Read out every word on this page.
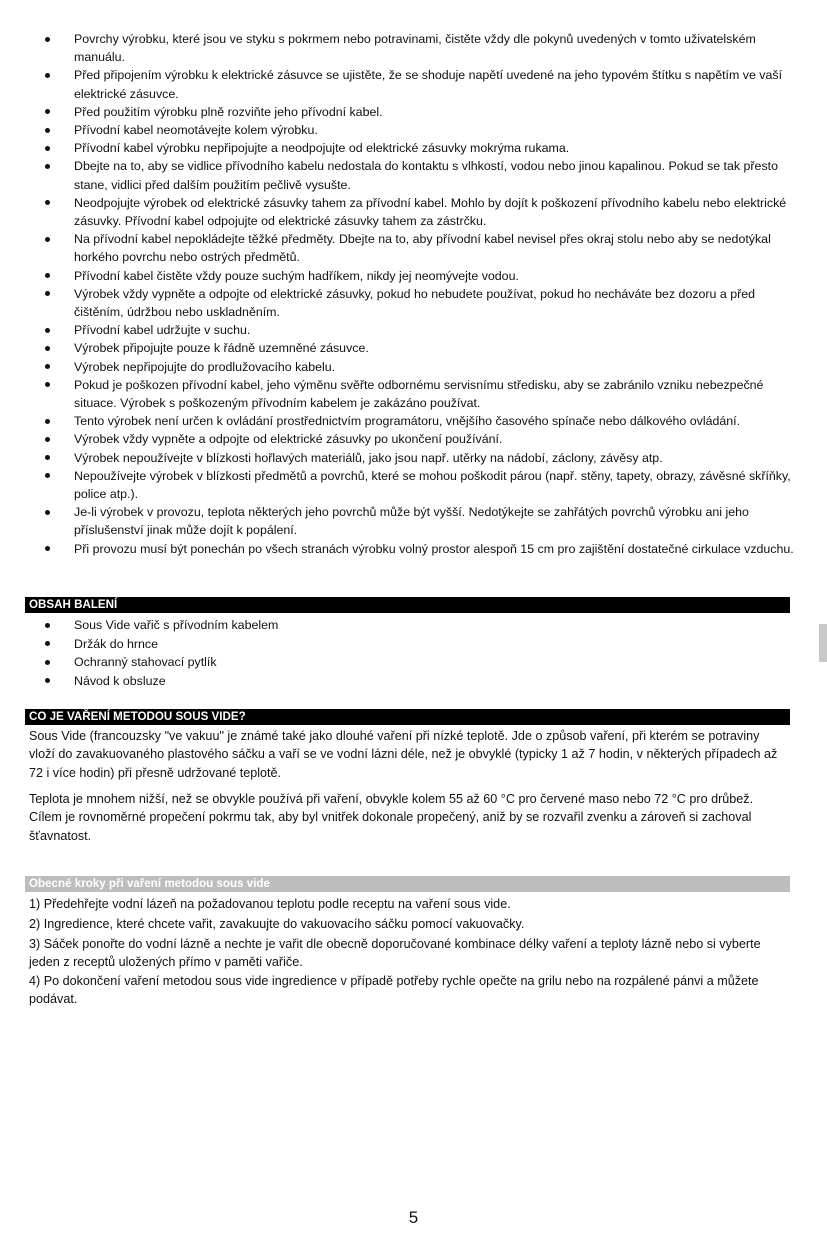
Povrchy výrobku, které jsou ve styku s pokrmem nebo potravinami, čistěte vždy dle pokynů uvedených v tomto uživatelském manuálu.
Před připojením výrobku k elektrické zásuvce se ujistěte, že se shoduje napětí uvedené na jeho typovém štítku s napětím ve vaší elektrické zásuvce.
Před použitím výrobku plně rozviňte jeho přívodní kabel.
Přívodní kabel neomotávejte kolem výrobku.
Přívodní kabel výrobku nepřipojujte a neodpojujte od elektrické zásuvky mokrýma rukama.
Dbejte na to, aby se vidlice přívodního kabelu nedostala do kontaktu s vlhkostí, vodou nebo jinou kapalinou. Pokud se tak přesto stane, vidlici před dalším použitím pečlivě vysušte.
Neodpojujte výrobek od elektrické zásuvky tahem za přívodní kabel. Mohlo by dojít k poškození přívodního kabelu nebo elektrické zásuvky. Přívodní kabel odpojujte od elektrické zásuvky tahem za zástrčku.
Na přívodní kabel nepokládejte těžké předměty. Dbejte na to, aby přívodní kabel nevisel přes okraj stolu nebo aby se nedotýkal horkého povrchu nebo ostrých předmětů.
Přívodní kabel čistěte vždy pouze suchým hadříkem, nikdy jej neomývejte vodou.
Výrobek vždy vypněte a odpojte od elektrické zásuvky, pokud ho nebudete používat, pokud ho necháváte bez dozoru a před čištěním, údržbou nebo uskladněním.
Přívodní kabel udržujte v suchu.
Výrobek připojujte pouze k řádně uzemněné zásuvce.
Výrobek nepřipojujte do prodlužovacího kabelu.
Pokud je poškozen přívodní kabel, jeho výměnu svěřte odbornému servisnímu středisku, aby se zabránilo vzniku nebezpečné situace. Výrobek s poškozeným přívodním kabelem je zakázáno používat.
Tento výrobek není určen k ovládání prostřednictvím programátoru, vnějšího časového spínače nebo dálkového ovládání.
Výrobek vždy vypněte a odpojte od elektrické zásuvky po ukončení používání.
Výrobek nepoužívejte v blízkosti hořlavých materiálů, jako jsou např. utěrky na nádobí, záclony, závěsy atp.
Nepoužívejte výrobek v blízkosti předmětů a povrchů, které se mohou poškodit párou (např. stěny, tapety, obrazy, závěsné skříňky, police atp.).
Je-li výrobek v provozu, teplota některých jeho povrchů může být vyšší. Nedotýkejte se zahřátých povrchů výrobku ani jeho příslušenství jinak může dojít k popálení.
Při provozu musí být ponechán po všech stranách výrobku volný prostor alespoň 15 cm pro zajištění dostatečné cirkulace vzduchu.
OBSAH BALENÍ
Sous Vide vařič s přívodním kabelem
Držák do hrnce
Ochranný stahovací pytlík
Návod k obsluze
CO JE VAŘENÍ METODOU SOUS VIDE?

Sous Vide (francouzsky "ve vakuu" je známé také jako dlouhé vaření při nízké teplotě. Jde o způsob vaření, při kterém se potraviny vloží do zavakuovaného plastového sáčku a vaří se ve vodní lázni déle, než je obvyklé (typicky 1 až 7 hodin, v některých případech až 72 i více hodin) při přesně udržované teplotě.

Teplota je mnohem nižší, než se obvykle používá při vaření, obvykle kolem 55 až 60 °C pro červené maso nebo 72 °C pro drůbež. Cílem je rovnoměrné propečení pokrmu tak, aby byl vnitřek dokonale propečený, aniž by se rozvařil zvenku a zároveň si zachoval šťavnatost.

Obecné kroky při vaření metodou sous vide

1) Předehřejte vodní lázeň na požadovanou teplotu podle receptu na vaření sous vide.

2) Ingredience, které chcete vařit, zavakuujte do vakuovacího sáčku pomocí vakuovačky.

3) Sáček ponořte do vodní lázně a nechte je vařit dle obecně doporučované kombinace délky vaření a teploty lázně nebo si vyberte jeden z receptů uložených přímo v paměti vařiče.

4) Po dokončení vaření metodou sous vide ingredience v případě potřeby rychle opečte na grilu nebo na rozpálené pánvi a můžete podávat.

5
